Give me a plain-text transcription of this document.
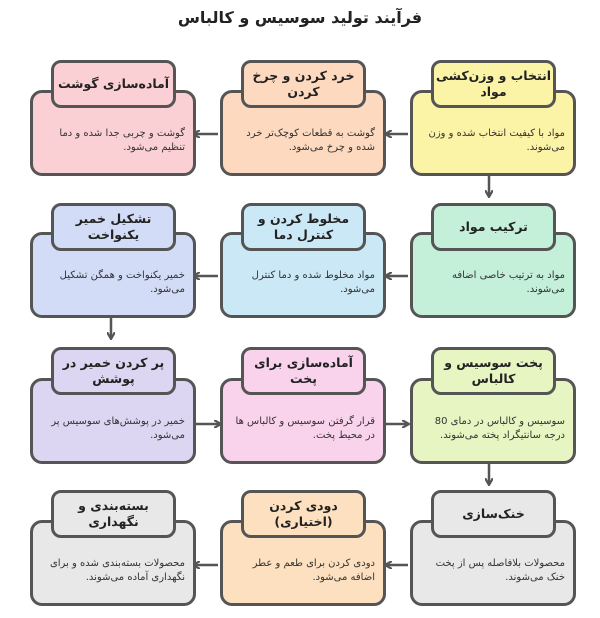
فرآیند تولید سوسیس و کالباس
مواد با کیفیت انتخاب شده و وزن می‌شوند.
انتخاب و وزن‌کشی مواد
گوشت به قطعات کوچک‌تر خرد شده و چرخ می‌شود.
خرد کردن و چرخ کردن
گوشت و چربی جدا شده و دما تنظیم می‌شود.
آماده‌سازی گوشت
مواد به ترتیب خاصی اضافه می‌شوند.
ترکیب مواد
مواد مخلوط شده و دما کنترل می‌شود.
مخلوط کردن و کنترل دما
خمیر یکنواخت و همگن تشکیل می‌شود.
تشکیل خمیر یکنواخت
سوسیس و کالباس در دمای 80 درجه سانتیگراد پخته می‌شوند.
پخت سوسیس و کالباس
قرار گرفتن سوسیس و کالباس ها در محیط پخت.
آماده‌سازی برای پخت
خمیر در پوشش‌های سوسیس پر می‌شود.
پر کردن خمیر در پوشش
محصولات بلافاصله پس از پخت خنک می‌شوند.
خنک‌سازی
دودی کردن برای طعم و عطر اضافه می‌شود.
دودی کردن (اختیاری)
محصولات بسته‌بندی شده و برای نگهداری آماده می‌شوند.
بسته‌بندی و نگهداری
